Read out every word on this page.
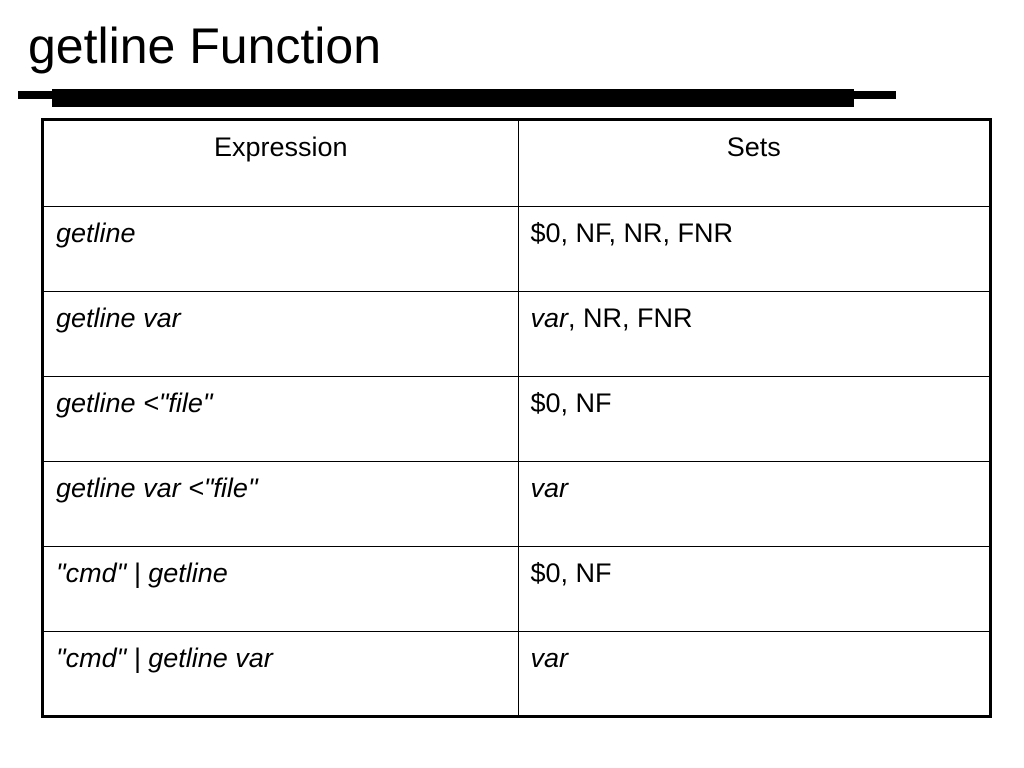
getline Function
Expression	Sets
getline	$0, NF, NR, FNR
getline var	var, NR, FNR
getline <"file"	$0, NF
getline var <"file"	var
"cmd" | getline	$0, NF
"cmd" | getline var	var
